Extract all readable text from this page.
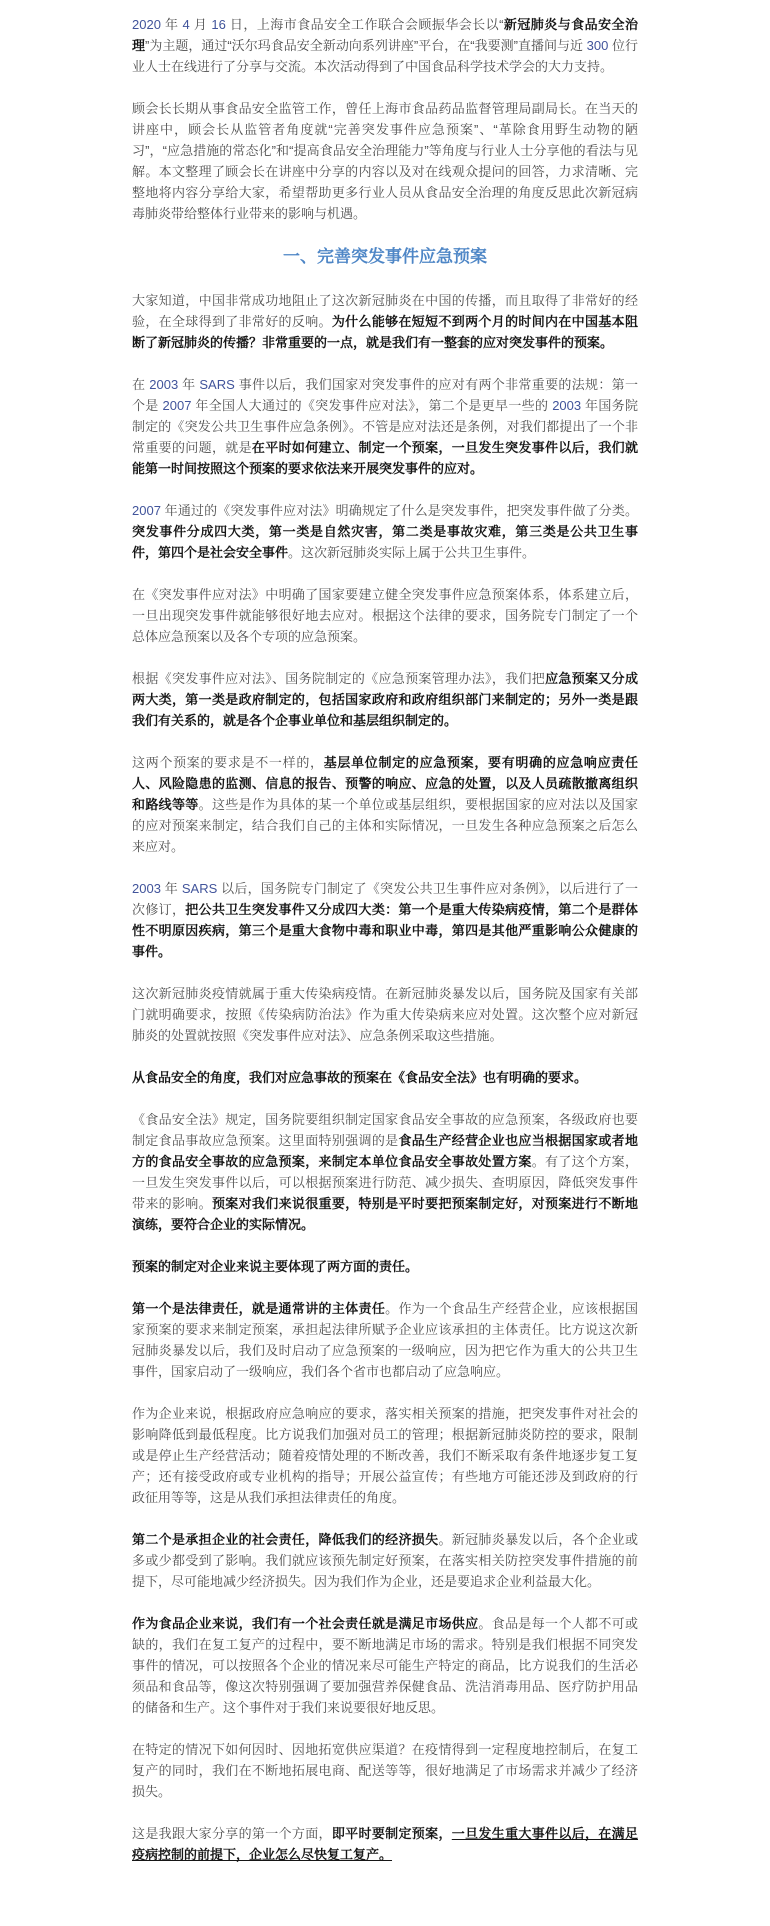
2020 年 4 月 16 日，上海市食品安全工作联合会顾振华会长以“新冠肺炎与食品安全治理”为主题，通过“沃尔玛食品安全新动向系列讲座”平台，在“我要测”直播间与近 300 位行业人士在线进行了分享与交流。本次活动得到了中国食品科学技术学会的大力支持。

顾会长长期从事食品安全监管工作，曾任上海市食品药品监督管理局副局长。在当天的讲座中，顾会长从监管者角度就“完善突发事件应急预案”、“革除食用野生动物的陋习”，“应急措施的常态化”和“提高食品安全治理能力”等角度与行业人士分享他的看法与见解。本文整理了顾会长在讲座中分享的内容以及对在线观众提问的回答，力求清晰、完整地将内容分享给大家，希望帮助更多行业人员从食品安全治理的角度反思此次新冠病毒肺炎带给整体行业带来的影响与机遇。

一、完善突发事件应急预案

大家知道，中国非常成功地阻止了这次新冠肺炎在中国的传播，而且取得了非常好的经验，在全球得到了非常好的反响。为什么能够在短短不到两个月的时间内在中国基本阻断了新冠肺炎的传播？非常重要的一点，就是我们有一整套的应对突发事件的预案。

在 2003 年 SARS 事件以后，我们国家对突发事件的应对有两个非常重要的法规：第一个是 2007 年全国人大通过的《突发事件应对法》，第二个是更早一些的 2003 年国务院制定的《突发公共卫生事件应急条例》。不管是应对法还是条例，对我们都提出了一个非常重要的问题，就是在平时如何建立、制定一个预案，一旦发生突发事件以后，我们就能第一时间按照这个预案的要求依法来开展突发事件的应对。

2007 年通过的《突发事件应对法》明确规定了什么是突发事件，把突发事件做了分类。突发事件分成四大类，第一类是自然灾害，第二类是事故灾难，第三类是公共卫生事件，第四个是社会安全事件。这次新冠肺炎实际上属于公共卫生事件。

在《突发事件应对法》中明确了国家要建立健全突发事件应急预案体系，体系建立后，一旦出现突发事件就能够很好地去应对。根据这个法律的要求，国务院专门制定了一个总体应急预案以及各个专项的应急预案。

根据《突发事件应对法》、国务院制定的《应急预案管理办法》，我们把应急预案又分成两大类，第一类是政府制定的，包括国家政府和政府组织部门来制定的；另外一类是跟我们有关系的，就是各个企事业单位和基层组织制定的。

这两个预案的要求是不一样的，基层单位制定的应急预案，要有明确的应急响应责任人、风险隐患的监测、信息的报告、预警的响应、应急的处置，以及人员疏散撤离组织和路线等等。这些是作为具体的某一个单位或基层组织，要根据国家的应对法以及国家的应对预案来制定，结合我们自己的主体和实际情况，一旦发生各种应急预案之后怎么来应对。

2003 年 SARS 以后，国务院专门制定了《突发公共卫生事件应对条例》，以后进行了一次修订，把公共卫生突发事件又分成四大类：第一个是重大传染病疫情，第二个是群体性不明原因疾病，第三个是重大食物中毒和职业中毒，第四是其他严重影响公众健康的事件。

这次新冠肺炎疫情就属于重大传染病疫情。在新冠肺炎暴发以后，国务院及国家有关部门就明确要求，按照《传染病防治法》作为重大传染病来应对处置。这次整个应对新冠肺炎的处置就按照《突发事件应对法》、应急条例采取这些措施。

从食品安全的角度，我们对应急事故的预案在《食品安全法》也有明确的要求。

《食品安全法》规定，国务院要组织制定国家食品安全事故的应急预案，各级政府也要制定食品事故应急预案。这里面特别强调的是食品生产经营企业也应当根据国家或者地方的食品安全事故的应急预案，来制定本单位食品安全事故处置方案。有了这个方案，一旦发生突发事件以后，可以根据预案进行防范、减少损失、查明原因，降低突发事件带来的影响。预案对我们来说很重要，特别是平时要把预案制定好，对预案进行不断地演练，要符合企业的实际情况。

预案的制定对企业来说主要体现了两方面的责任。

第一个是法律责任，就是通常讲的主体责任。作为一个食品生产经营企业，应该根据国家预案的要求来制定预案，承担起法律所赋予企业应该承担的主体责任。比方说这次新冠肺炎暴发以后，我们及时启动了应急预案的一级响应，因为把它作为重大的公共卫生事件，国家启动了一级响应，我们各个省市也都启动了应急响应。

作为企业来说，根据政府应急响应的要求，落实相关预案的措施，把突发事件对社会的影响降低到最低程度。比方说我们加强对员工的管理；根据新冠肺炎防控的要求，限制或是停止生产经营活动；随着疫情处理的不断改善，我们不断采取有条件地逐步复工复产；还有接受政府或专业机构的指导；开展公益宣传；有些地方可能还涉及到政府的行政征用等等，这是从我们承担法律责任的角度。

第二个是承担企业的社会责任，降低我们的经济损失。新冠肺炎暴发以后，各个企业或多或少都受到了影响。我们就应该预先制定好预案，在落实相关防控突发事件措施的前提下，尽可能地减少经济损失。因为我们作为企业，还是要追求企业利益最大化。

作为食品企业来说，我们有一个社会责任就是满足市场供应。食品是每一个人都不可或缺的，我们在复工复产的过程中，要不断地满足市场的需求。特别是我们根据不同突发事件的情况，可以按照各个企业的情况来尽可能生产特定的商品，比方说我们的生活必须品和食品等，像这次特别强调了要加强营养保健食品、洗洁消毒用品、医疗防护用品的储备和生产。这个事件对于我们来说要很好地反思。

在特定的情况下如何因时、因地拓宽供应渠道？在疫情得到一定程度地控制后，在复工复产的同时，我们在不断地拓展电商、配送等等，很好地满足了市场需求并减少了经济损失。

这是我跟大家分享的第一个方面，即平时要制定预案，一旦发生重大事件以后，在满足疫病控制的前提下，企业怎么尽快复工复产。
